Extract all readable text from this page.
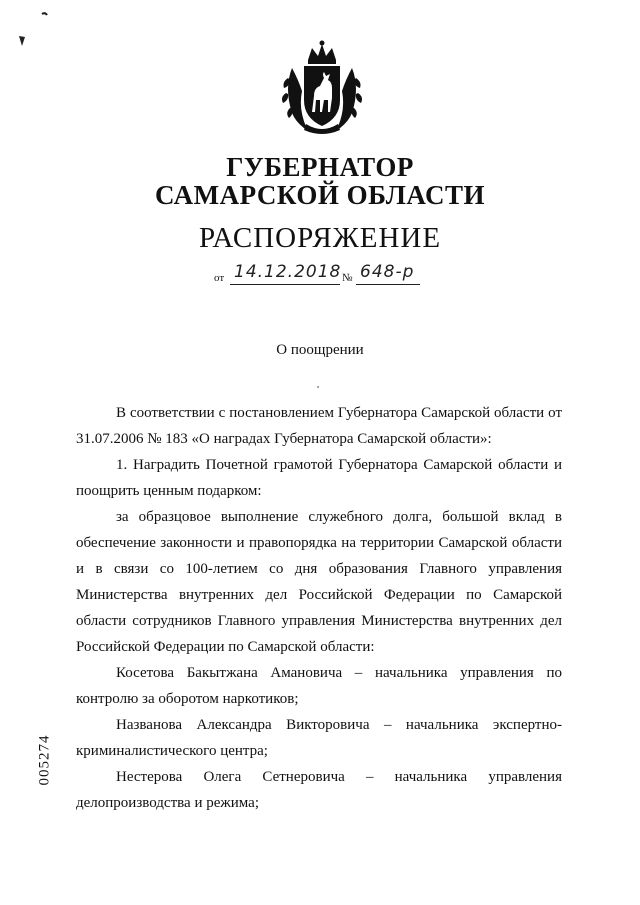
ГУБЕРНАТОР
САМАРСКОЙ ОБЛАСТИ
РАСПОРЯЖЕНИЕ
от 14.12.2018 № 648-р
О поощрении

В соответствии с постановлением Губернатора Самарской области от 31.07.2006 № 183 «О наградах Губернатора Самарской области»:

1. Наградить Почетной грамотой Губернатора Самарской области и поощрить ценным подарком:

за образцовое выполнение служебного долга, большой вклад в обеспечение законности и правопорядка на территории Самарской области и в связи со 100-летием со дня образования Главного управления Министерства внутренних дел Российской Федерации по Самарской области сотрудников Главного управления Министерства внутренних дел Российской Федерации по Самарской области:

Косетова Бакытжана Амановича – начальника управления по контролю за оборотом наркотиков;

Названова Александра Викторовича – начальника экспертно-криминалистического центра;

Нестерова Олега Сетнеровича – начальника управления делопроизводства и режима;

005274
